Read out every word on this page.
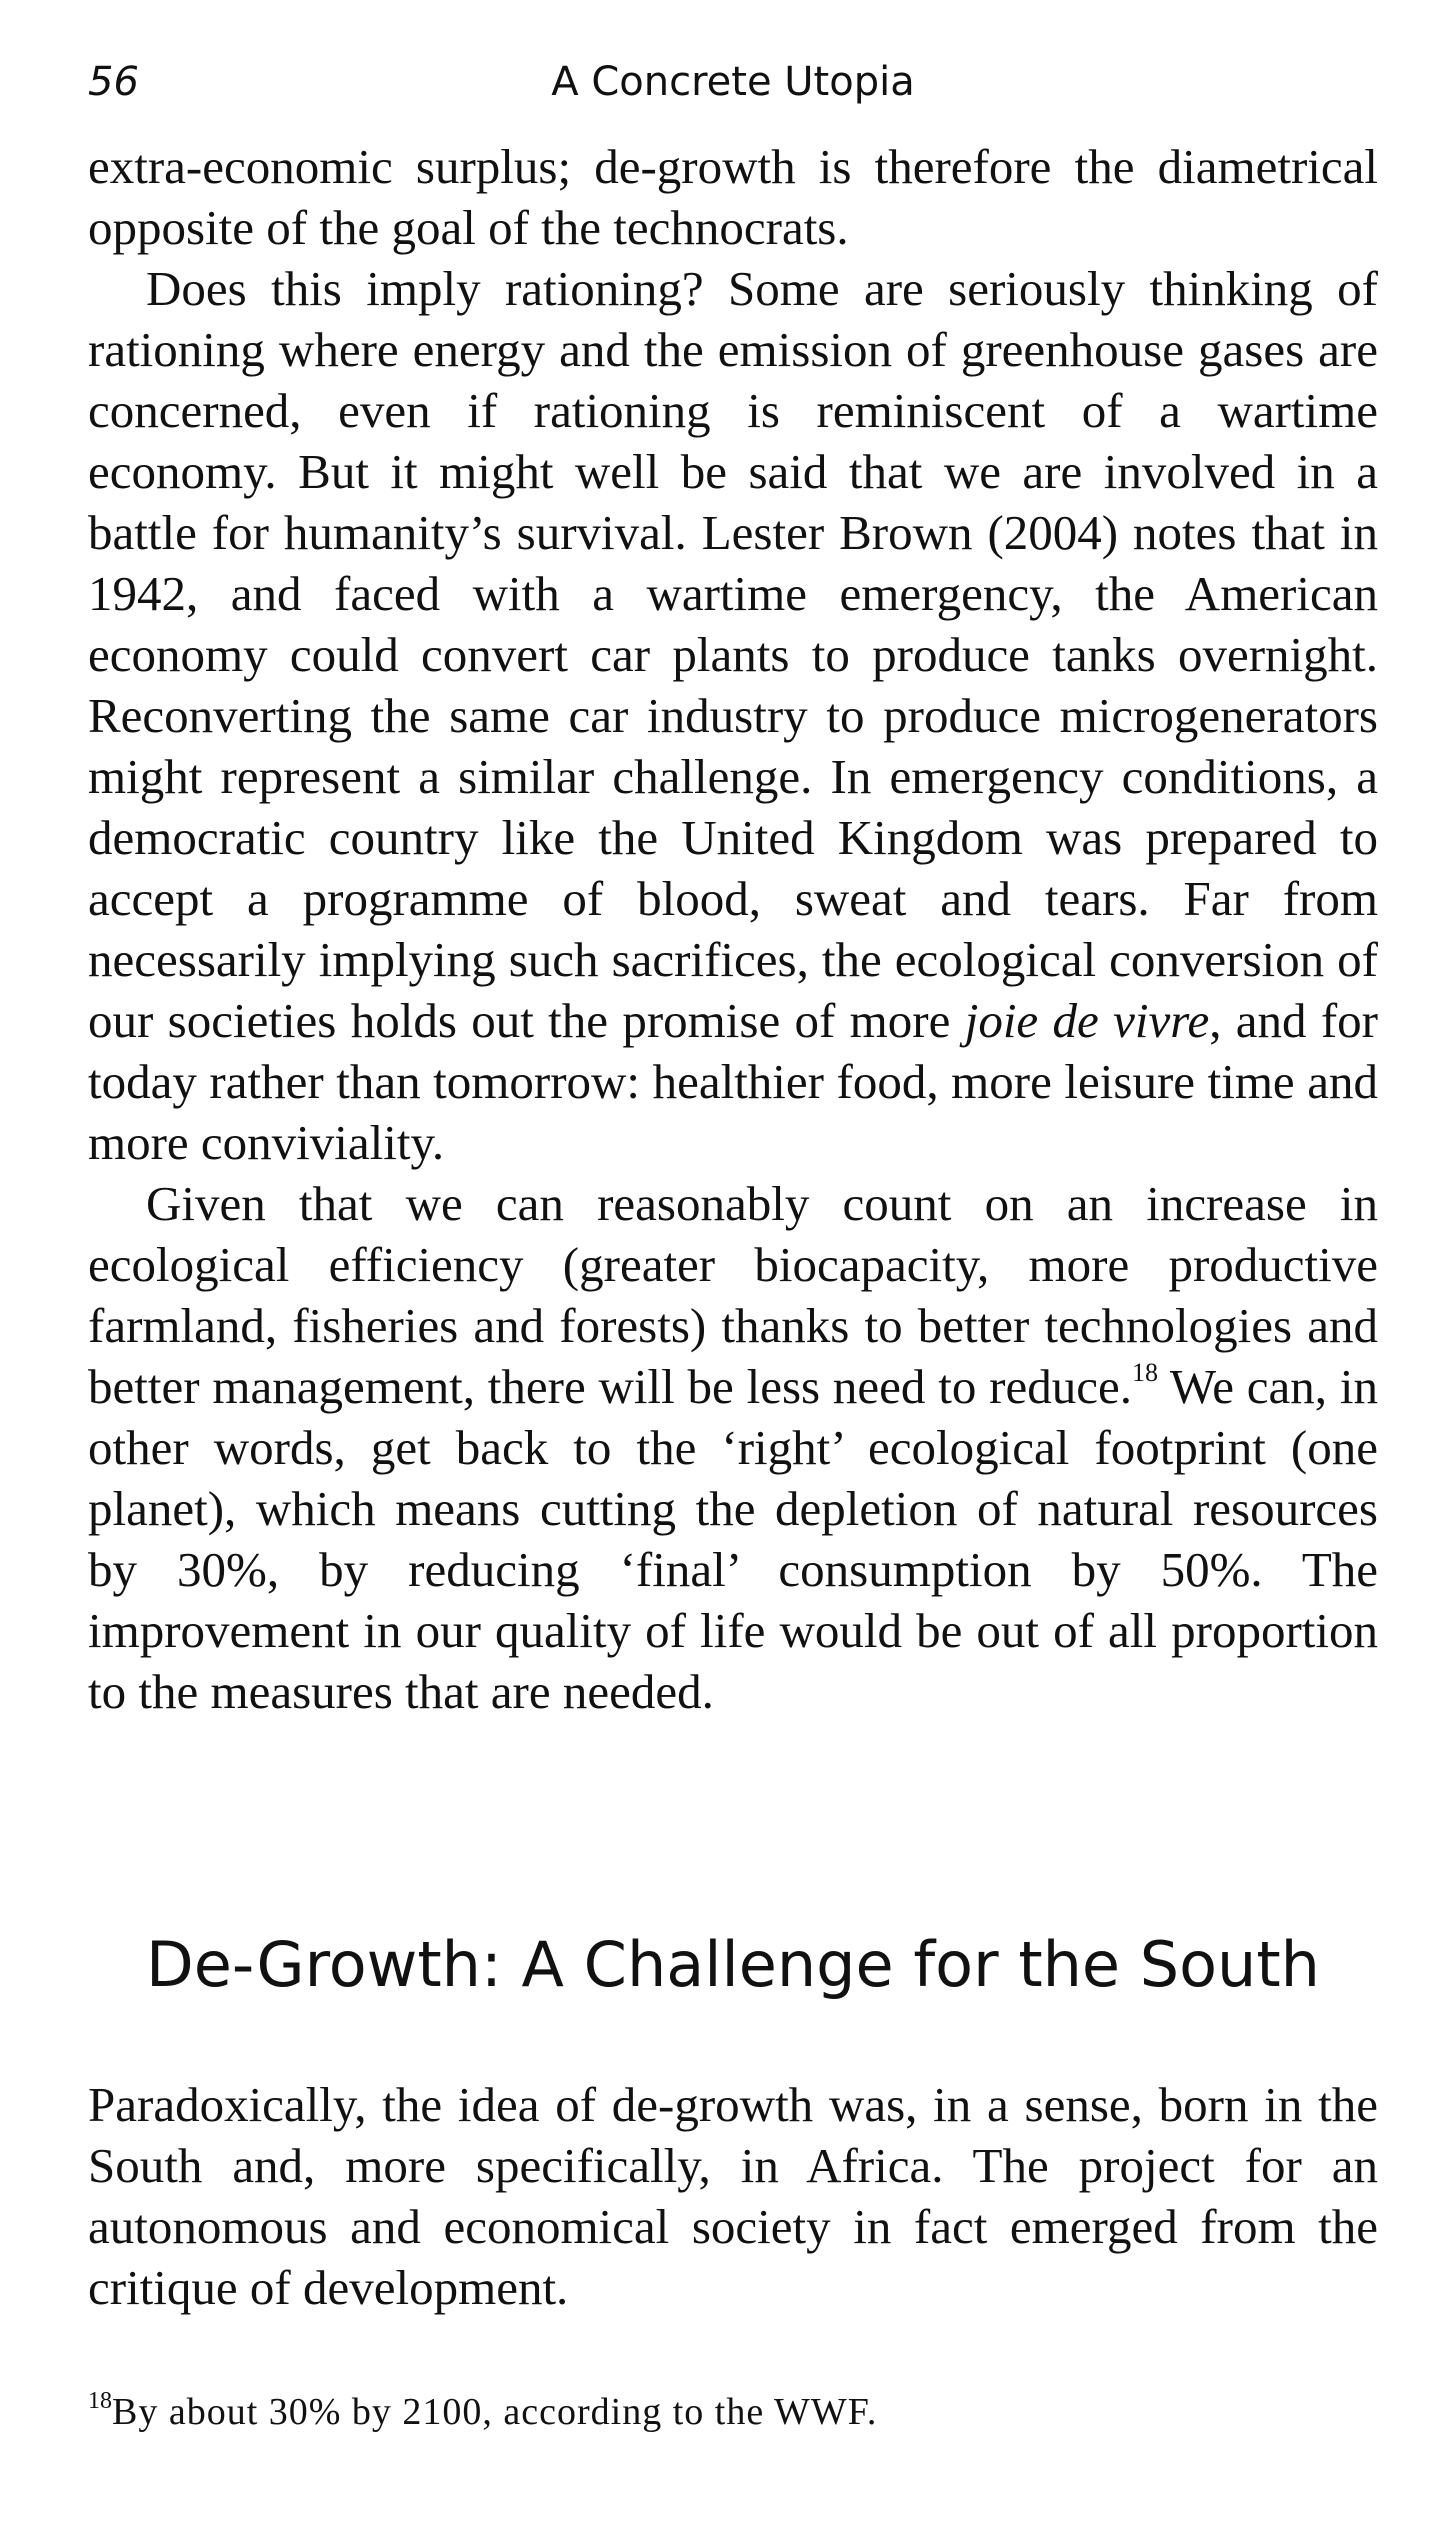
56	A Concrete Utopia

extra-economic surplus; de-growth is therefore the diametrical opposite of the goal of the technocrats.

Does this imply rationing? Some are seriously thinking of rationing where energy and the emission of greenhouse gases are concerned, even if rationing is reminiscent of a wartime economy. But it might well be said that we are involved in a battle for humanity’s survival. Lester Brown (2004) notes that in 1942, and faced with a wartime emergency, the American economy could convert car plants to produce tanks overnight. Reconverting the same car industry to produce microgenerators might represent a similar challenge. In emergency conditions, a democratic country like the United Kingdom was prepared to accept a programme of blood, sweat and tears. Far from necessarily implying such sacrifices, the ecological conversion of our societies holds out the promise of more joie de vivre, and for today rather than tomorrow: healthier food, more leisure time and more conviviality.

Given that we can reasonably count on an increase in ecological efficiency (greater biocapacity, more productive farmland, fisheries and forests) thanks to better technologies and better management, there will be less need to reduce.$^{18}$ We can, in other words, get back to the ‘right’ ecological footprint (one planet), which means cutting the depletion of natural resources by 30%, by reducing ‘final’ consumption by 50%. The improvement in our quality of life would be out of all proportion to the measures that are needed.

De-Growth: A Challenge for the South

Paradoxically, the idea of de-growth was, in a sense, born in the South and, more specifically, in Africa. The project for an autonomous and economical society in fact emerged from the critique of development.

$^{18}$By about 30% by 2100, according to the WWF.
